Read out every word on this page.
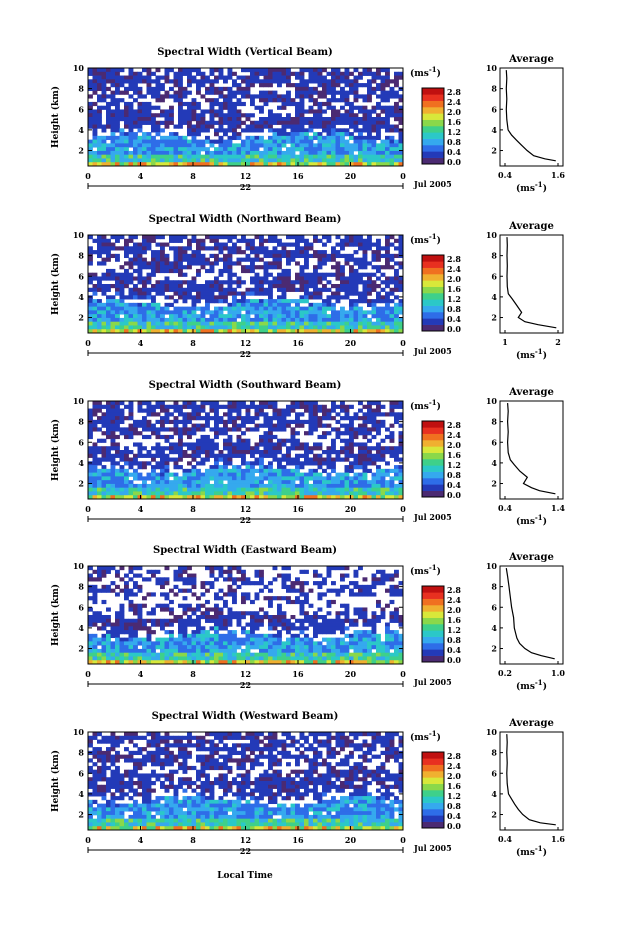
Spectral Width (Vertical Beam)
2
4
6
8
10
Height (km)
0	4	8	12	16	20	0
22	Jul 2005
$(ms^{-1})$
0.0
0.4
0.8
1.2
1.6
2.0
2.4
2.8
Average
2
4
6
8
10
0.4	1.6
$(ms^{-1})$
Spectral Width (Northward Beam)
2
4
6
8
10
Height (km)
0	4	8	12	16	20	0
22	Jul 2005
$(ms^{-1})$
0.0
0.4
0.8
1.2
1.6
2.0
2.4
2.8
Average
2
4
6
8
10
1	2
$(ms^{-1})$
Spectral Width (Southward Beam)
2
4
6
8
10
Height (km)
0	4	8	12	16	20	0
22	Jul 2005
$(ms^{-1})$
0.0
0.4
0.8
1.2
1.6
2.0
2.4
2.8
Average
2
4
6
8
10
0.4	1.4
$(ms^{-1})$
Spectral Width (Eastward Beam)
2
4
6
8
10
Height (km)
0	4	8	12	16	20	0
22	Jul 2005
$(ms^{-1})$
0.0
0.4
0.8
1.2
1.6
2.0
2.4
2.8
Average
2
4
6
8
10
0.2	1.0
$(ms^{-1})$
Spectral Width (Westward Beam)
2
4
6
8
10
Height (km)
0	4	8	12	16	20	0
22	Jul 2005
$(ms^{-1})$
0.0
0.4
0.8
1.2
1.6
2.0
2.4
2.8
Average
2
4
6
8
10
0.4	1.6
$(ms^{-1})$
Local Time
